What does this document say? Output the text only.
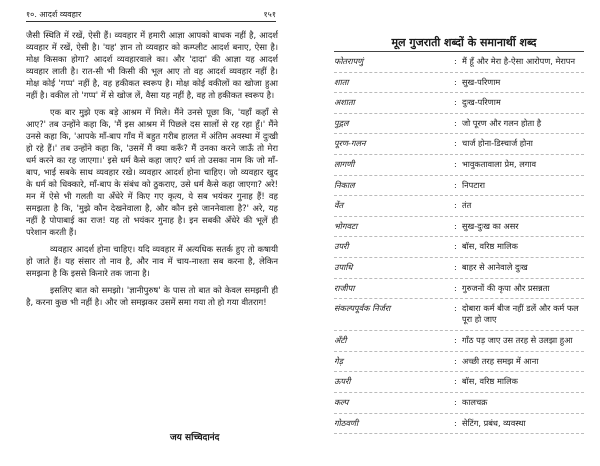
१०. आदर्श व्यवहार	१५१

जैसी स्थिति में रखें, ऐसी हैं। व्यवहार में हमारी आज्ञा आपको बाधक नहीं है, आदर्श व्यवहार में रखें, ऐसी है। 'यह' ज्ञान तो व्यवहार को कम्प्लीट आदर्श बनाए, ऐसा है। मोक्ष किसका होगा? आदर्श व्यवहारवाले का। और 'दादा' की आज्ञा यह आदर्श व्यवहार लाती है। रात-सी भी किसी की भूल आए तो वह आदर्श व्यवहार नहीं है। मोक्ष कोई 'गप्प' नहीं है, वह हकीकत स्वरूप है। मोक्ष कोई वकीलों का खोजा हुआ नहीं है। वकील तो 'गप्प' में से खोज लें, वैसा यह नहीं है, वह तो हकीकत स्वरूप है।

एक बार मुझे एक बड़े आश्रम में मिले। मैंने उनसे पूछा कि, 'यहाँ कहाँ से आए?' तब उन्होंने कहा कि, 'मैं इस आश्रम में पिछले दस सालों से रह रहा हूँ।' मैंने उनसे कहा कि, 'आपके माँ-बाप गाँव में बहुत गरीब हालत में अंतिम अवस्था में दुःखी हो रहे हैं।' तब उन्होंने कहा कि, 'उसमें मैं क्या करूँ? मैं उनका करने जाऊँ तो मेरा धर्म करने का रह जाएगा।' इसे धर्म कैसे कहा जाए? धर्म तो उसका नाम कि जो माँ-बाप, भाई सबके साथ व्यवहार रखे। व्यवहार आदर्श होना चाहिए। जो व्यवहार खुद के धर्म को धिक्कारे, माँ-बाप के संबंध को ठुकराए, उसे धर्म कैसे कहा जाएगा? अरे! मन में ऐसे भी गलती या अँधेरे में किए गए कृत्य, ये सब भयंकर गुनाह हैं! वह समझता है कि, 'मुझे कौन देखनेवाला है, और कौन इसे जाननेवाला है?' अरे, यह नहीं है पोपाबाई का राज! यह तो भयंकर गुनाह है। इन सबकी अँधेरे की भूलें ही परेशान करती हैं।

व्यवहार आदर्श होना चाहिए। यदि व्यवहार में अत्यधिक सतर्क हुए तो कषायी हो जाते हैं। यह संसार तो नाव है, और नाव में चाय-नाश्ता सब करना है, लेकिन समझना है कि इससे किनारे तक जाना है।

इसलिए बात को समझो। 'ज्ञानीपुरुष' के पास तो बात को केवल समझनी ही है, करना कुछ भी नहीं है। और जो समझकर उसमें समा गया तो हो गया वीतराग!

जय सच्चिदानंद
मूल गुजराती शब्दों के समानार्थी शब्द
फोतरापणुं	: मैं हूँ और मेरा है-ऐसा आरोपण, मेरापन
शाता	: सुख-परिणाम
अशाता	: दुःख-परिणाम
पुद्गल	: जो पूरण और गलन होता है
पूरण-गलन	: चार्ज होना-डिस्चार्ज होना
लागणी	: भावुकतावाला प्रेम, लगाव
निकाल	: निपटारा
वेंत	: तंत
भोगवटा	: सुख-दुःख का असर
उपरी	: बॉस, वरिष्ठ मालिक
उपाधि	: बाहर से आनेवाले दुःख
राजीपा	: गुरुजनों की कृपा और प्रसन्नता
संकल्पपूर्वक निर्जरा	: दोबारा कर्म बीज नहीं डलें और कर्म फल पूरा हो जाए
अँटी	: गाँठ पड़ जाए उस तरह से उलझा हुआ
गेड़	: अच्छी तरह समझ में आना
ऊपरी	: बॉस, वरिष्ठ मालिक
कल्प	: कालचक्र
गोठवणी	: सेटिंग, प्रबंध, व्यवस्था
